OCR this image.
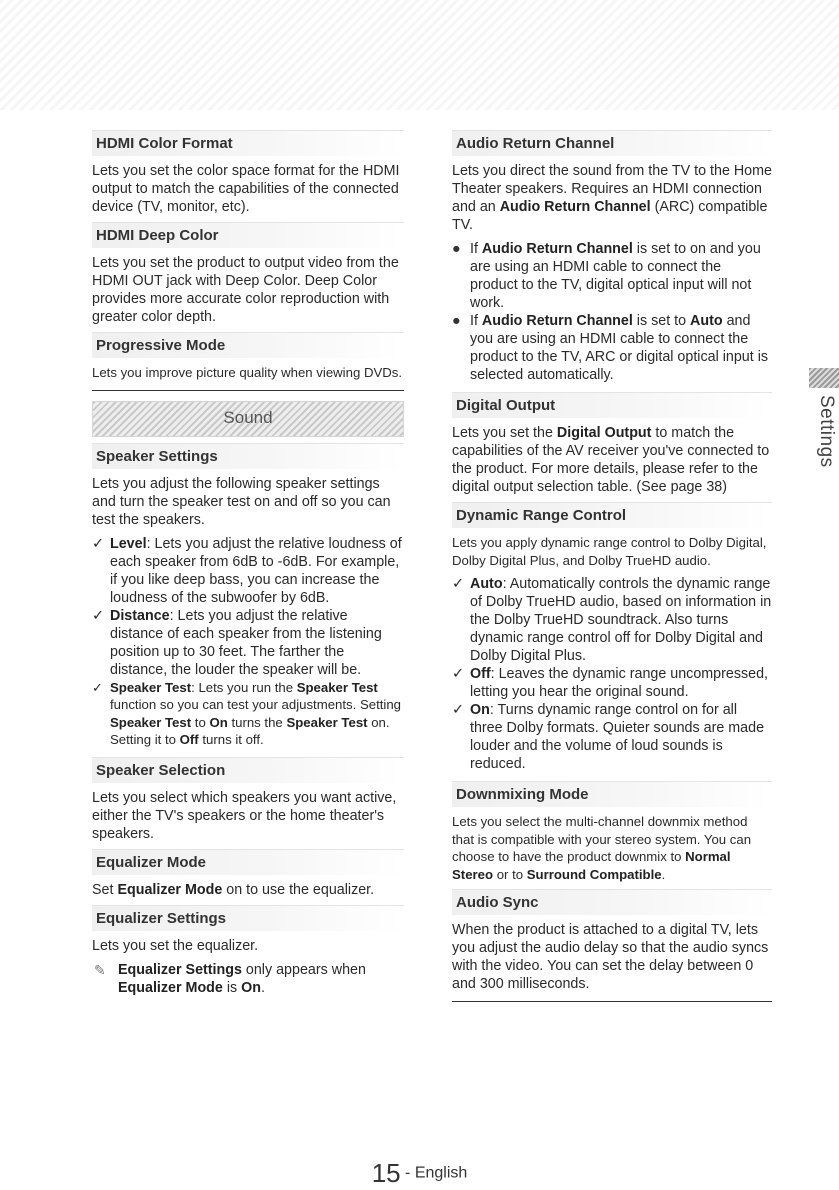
HDMI Color Format

Lets you set the color space format for the HDMI output to match the capabilities of the connected device (TV, monitor, etc).

HDMI Deep Color

Lets you set the product to output video from the HDMI OUT jack with Deep Color. Deep Color provides more accurate color reproduction with greater color depth.

Progressive Mode

Lets you improve picture quality when viewing DVDs.

Sound
Speaker Settings

Lets you adjust the following speaker settings and turn the speaker test on and off so you can test the speakers.

✓ Level: Lets you adjust the relative loudness of each speaker from 6dB to -6dB. For example, if you like deep bass, you can increase the loudness of the subwoofer by 6dB.
✓ Distance: Lets you adjust the relative distance of each speaker from the listening position up to 30 feet. The farther the distance, the louder the speaker will be.
✓ Speaker Test: Lets you run the Speaker Test function so you can test your adjustments. Setting Speaker Test to On turns the Speaker Test on. Setting it to Off turns it off.
Speaker Selection

Lets you select which speakers you want active, either the TV's speakers or the home theater's speakers.

Equalizer Mode

Set Equalizer Mode on to use the equalizer.

Equalizer Settings

Lets you set the equalizer.

✎ Equalizer Settings only appears when Equalizer Mode is On.
Audio Return Channel

Lets you direct the sound from the TV to the Home Theater speakers. Requires an HDMI connection and an Audio Return Channel (ARC) compatible TV.

● If Audio Return Channel is set to on and you are using an HDMI cable to connect the product to the TV, digital optical input will not work.
● If Audio Return Channel is set to Auto and you are using an HDMI cable to connect the product to the TV, ARC or digital optical input is selected automatically.
Digital Output

Lets you set the Digital Output to match the capabilities of the AV receiver you've connected to the product. For more details, please refer to the digital output selection table. (See page 38)

Dynamic Range Control

Lets you apply dynamic range control to Dolby Digital, Dolby Digital Plus, and Dolby TrueHD audio.

✓ Auto: Automatically controls the dynamic range of Dolby TrueHD audio, based on information in the Dolby TrueHD soundtrack. Also turns dynamic range control off for Dolby Digital and Dolby Digital Plus.
✓ Off: Leaves the dynamic range uncompressed, letting you hear the original sound.
✓ On: Turns dynamic range control on for all three Dolby formats. Quieter sounds are made louder and the volume of loud sounds is reduced.
Downmixing Mode

Lets you select the multi-channel downmix method that is compatible with your stereo system. You can choose to have the product downmix to Normal Stereo or to Surround Compatible.

Audio Sync

When the product is attached to a digital TV, lets you adjust the audio delay so that the audio syncs with the video. You can set the delay between 0 and 300 milliseconds.

Settings
15 - English
